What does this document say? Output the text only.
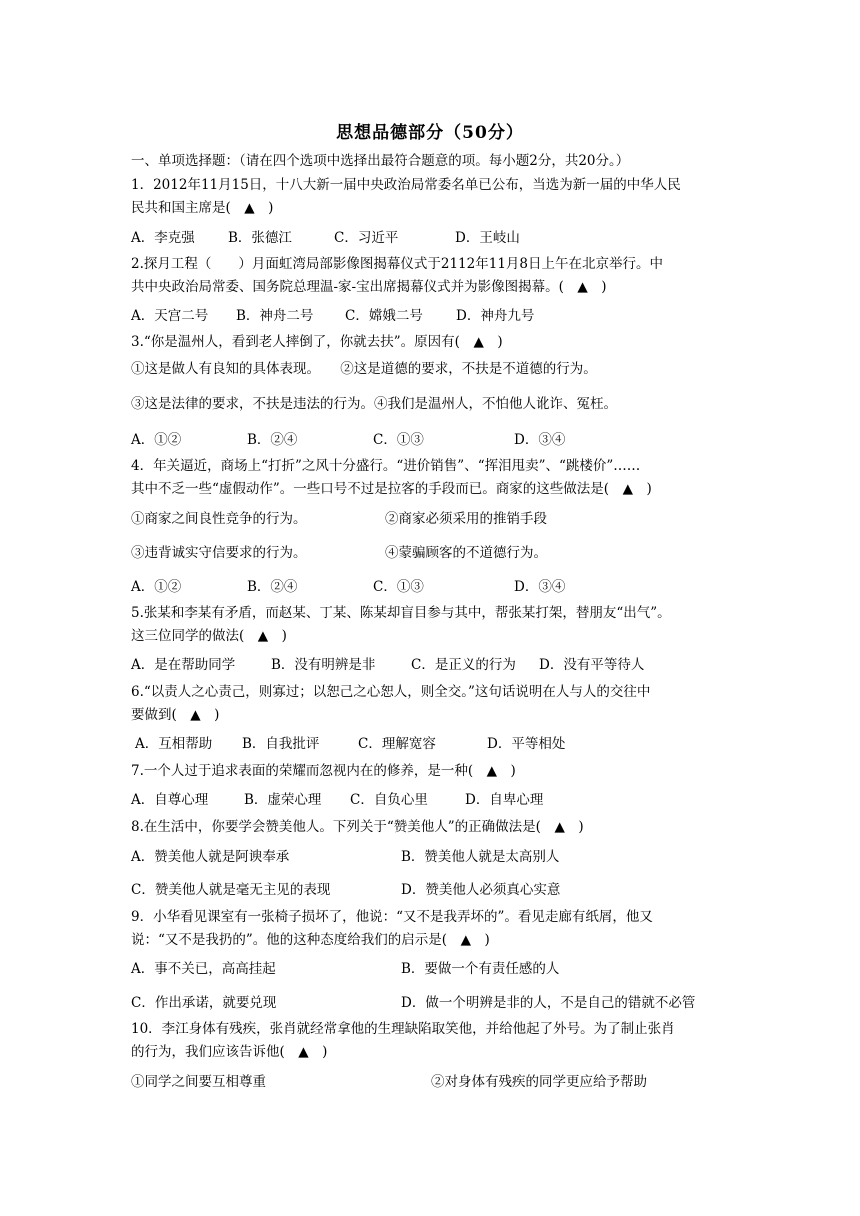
思想品德部分（50分）
一、单项选择题：（请在四个选项中选择出最符合题意的项。每小题2分，共20分。）
1．2012年11月15日，十八大新一届中央政治局常委名单已公布，当选为新一届的中华人民
民共和国主席是(　▲　)
A．李克强 B．张德江	C．习近平	D．王岐山
2.探月工程（　　）月面虹湾局部影像图揭幕仪式于2112年11月8日上午在北京举行。中
共中央政治局常委、国务院总理温-家-宝出席揭幕仪式并为影像图揭幕。(　▲　)
A．天宫二号 B．神舟二号 C．嫦娥二号 D．神舟九号
3.“你是温州人，看到老人摔倒了，你就去扶”。原因有(　▲　)
①这是做人有良知的具体表现。　　②这是道德的要求，不扶是不道德的行为。
③这是法律的要求，不扶是违法的行为。④我们是温州人，不怕他人讹诈、冤枉。
A．①②	B．②④	C．①③	D．③④
4．年关逼近，商场上“打折”之风十分盛行。“进价销售”、“挥泪甩卖”、“跳楼价”……
其中不乏一些“虚假动作”。一些口号不过是拉客的手段而已。商家的这些做法是(　▲　)
①商家之间良性竞争的行为。	②商家必须采用的推销手段
③违背诚实守信要求的行为。	④蒙骗顾客的不道德行为。
A．①②	B．②④	C．①③	D．③④
5.张某和李某有矛盾，而赵某、丁某、陈某却盲目参与其中，帮张某打架，替朋友“出气”。
这三位同学的做法(　▲　)
A．是在帮助同学	B．没有明辨是非	C．是正义的行为 D．没有平等待人
6.“以责人之心责己，则寡过；以恕己之心恕人，则全交。”这句话说明在人与人的交往中
要做到(　▲　)
A．互相帮助 B．自我批评	C．理解宽容	D．平等相处
7.一个人过于追求表面的荣耀而忽视内在的修养，是一种(　▲　)
A．自尊心理	B．虚荣心理 C．自负心里	D．自卑心理
8.在生活中，你要学会赞美他人。下列关于“赞美他人”的正确做法是(　▲　)
A．赞美他人就是阿谀奉承	B．赞美他人就是太高别人
C．赞美他人就是毫无主见的表现	D．赞美他人必须真心实意
9．小华看见课室有一张椅子损坏了，他说：“又不是我弄坏的”。看见走廊有纸屑，他又
说：“又不是我扔的”。他的这种态度给我们的启示是(　▲　)
A．事不关已，高高挂起	B．要做一个有责任感的人
C．作出承诺，就要兑现	D．做一个明辨是非的人，不是自己的错就不必管
10．李江身体有残疾，张肖就经常拿他的生理缺陷取笑他，并给他起了外号。为了制止张肖
的行为，我们应该告诉他(　▲　)
①同学之间要互相尊重	②对身体有残疾的同学更应给予帮助
